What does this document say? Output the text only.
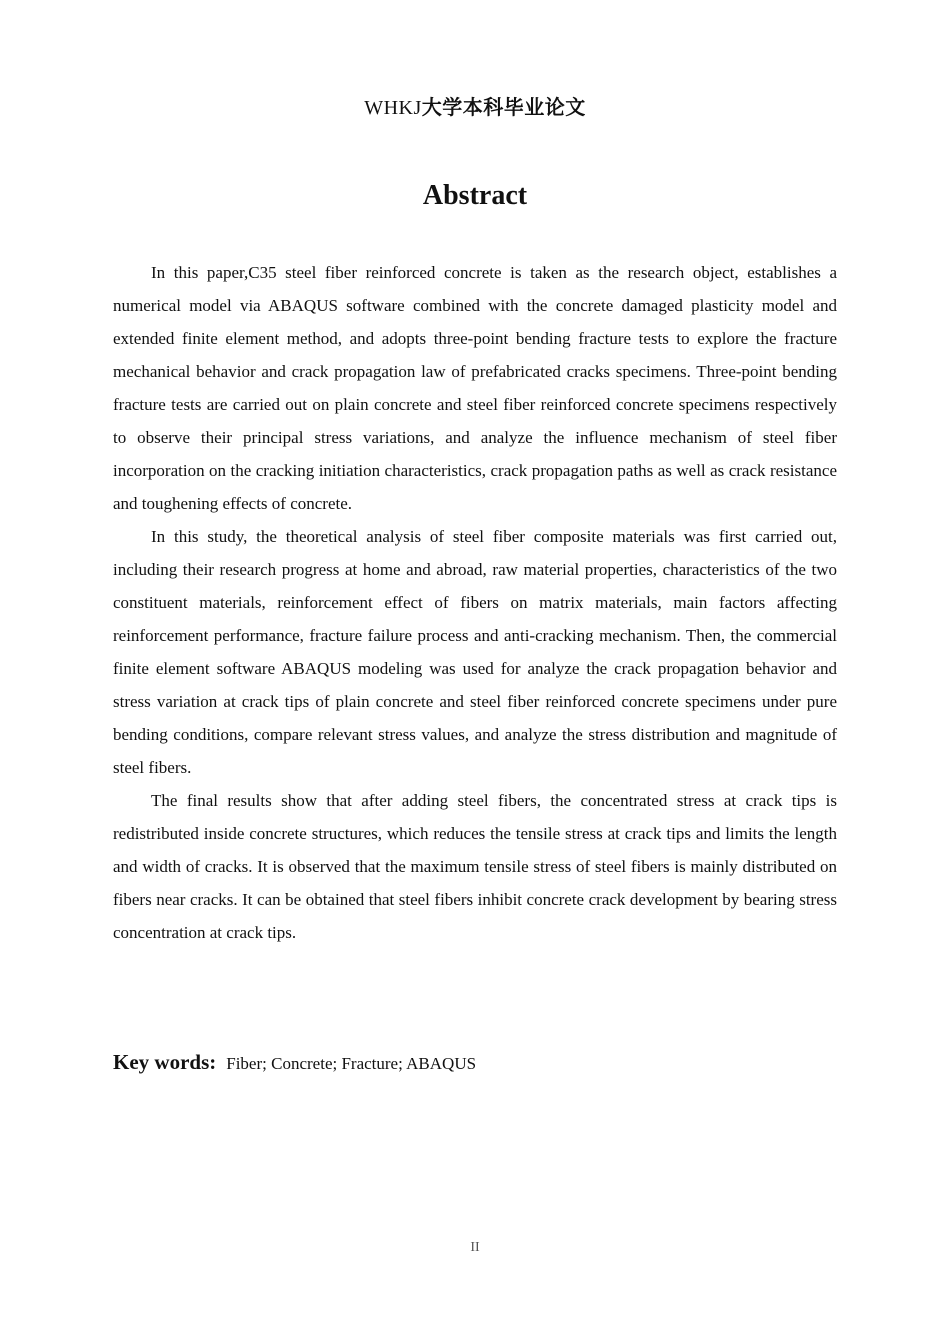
WHKJ大学本科毕业论文
Abstract

In this paper,C35 steel fiber reinforced concrete is taken as the research object, establishes a numerical model via ABAQUS software combined with the concrete damaged plasticity model and extended finite element method, and adopts three-point bending fracture tests to explore the fracture mechanical behavior and crack propagation law of prefabricated cracks specimens. Three-point bending fracture tests are carried out on plain concrete and steel fiber reinforced concrete specimens respectively to observe their principal stress variations, and analyze the influence mechanism of steel fiber incorporation on the cracking initiation characteristics, crack propagation paths as well as crack resistance and toughening effects of concrete.

In this study, the theoretical analysis of steel fiber composite materials was first carried out, including their research progress at home and abroad, raw material properties, characteristics of the two constituent materials, reinforcement effect of fibers on matrix materials, main factors affecting reinforcement performance, fracture failure process and anti-cracking mechanism. Then, the commercial finite element software ABAQUS modeling was used for analyze the crack propagation behavior and stress variation at crack tips of plain concrete and steel fiber reinforced concrete specimens under pure bending conditions, compare relevant stress values, and analyze the stress distribution and magnitude of steel fibers.

The final results show that after adding steel fibers, the concentrated stress at crack tips is redistributed inside concrete structures, which reduces the tensile stress at crack tips and limits the length and width of cracks. It is observed that the maximum tensile stress of steel fibers is mainly distributed on fibers near cracks. It can be obtained that steel fibers inhibit concrete crack development by bearing stress concentration at crack tips.

Key words: Fiber ; Concrete ; Fracture ; ABAQUS
II
